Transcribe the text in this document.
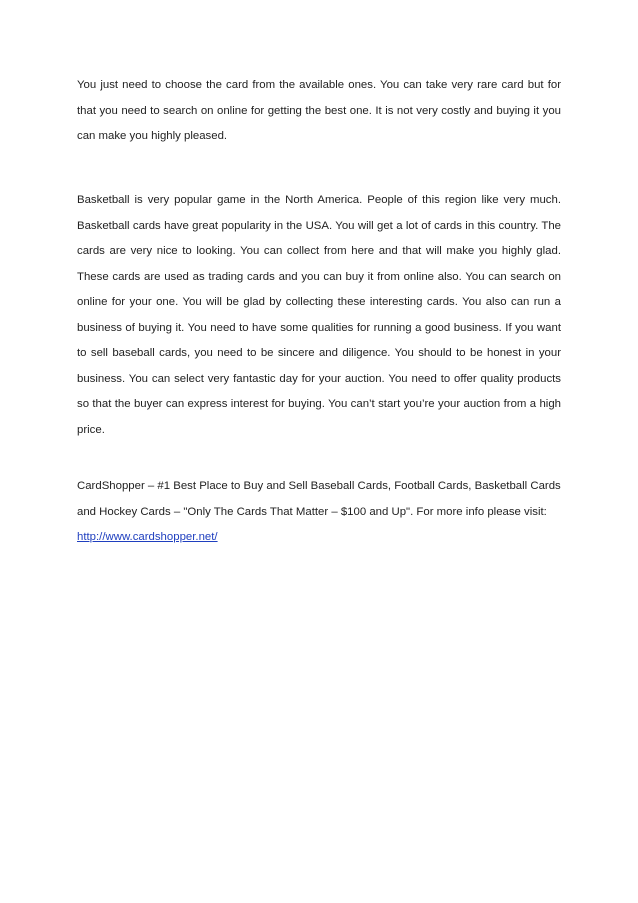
You just need to choose the card from the available ones. You can take very rare card but for that you need to search on online for getting the best one. It is not very costly and buying it you can make you highly pleased.

Basketball is very popular game in the North America. People of this region like very much. Basketball cards have great popularity in the USA. You will get a lot of cards in this country. The cards are very nice to looking. You can collect from here and that will make you highly glad. These cards are used as trading cards and you can buy it from online also. You can search on online for your one. You will be glad by collecting these interesting cards. You also can run a business of buying it. You need to have some qualities for running a good business. If you want to sell baseball cards, you need to be sincere and diligence. You should to be honest in your business. You can select very fantastic day for your auction. You need to offer quality products so that the buyer can express interest for buying. You can’t start you’re your auction from a high price.

CardShopper – #1 Best Place to Buy and Sell Baseball Cards, Football Cards, Basketball Cards and Hockey Cards – "Only The Cards That Matter – $100 and Up". For more info please visit:
http://www.cardshopper.net/
